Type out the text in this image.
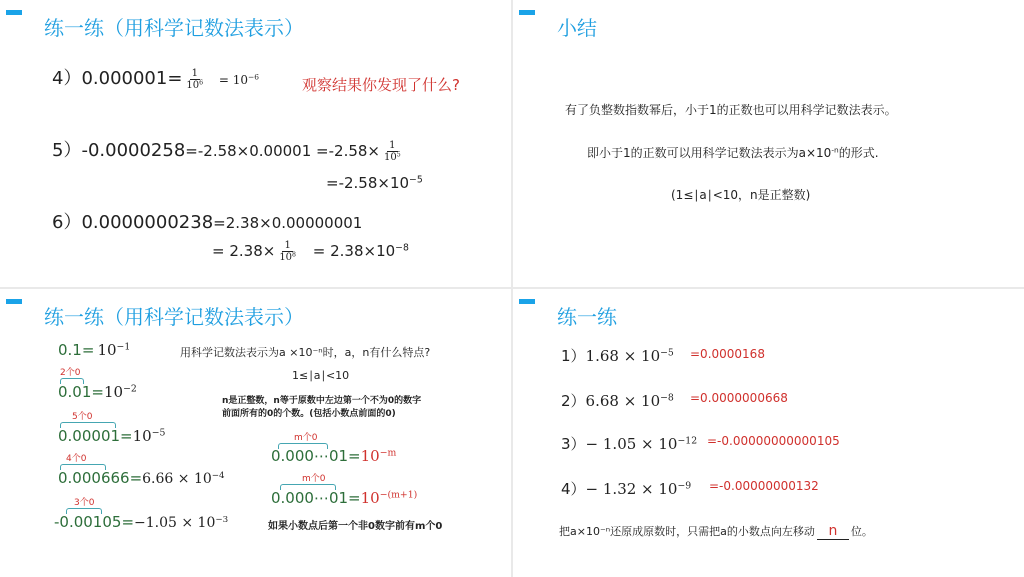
练一练（用科学记数法表示）
$4)0.000001= \frac{1}{10^6} = 10^{-6}$	观察结果你发现了什么?
$5)-0.0000258=-2.58\times 0.00001 =-2.58\times \frac{1}{10^5}$
$=-2.58\times 10^{-5}$
6）0.0000000238=2.38×0.00000001
= $2.38\times \frac{1}{10^8} = 2.38\times 10^{-8}$
小结
有了负整数指数幂后，小于1的正数也可以用科学记数法表示。
即小于1的正数可以用科学记数法表示为$a\times 10^{-n}$的形式.
(1≤∣a∣<10，n是正整数)
练一练（用科学记数法表示）
$0.1= 10^{-1}$
2个0
$0.01=10^{-2}$
5个0
$0.00001=10^{-5}$
4个0
$0.000666=6.66 \times 10^{-4}$
3个0
$-0.00105=-1.05 \times 10^{-3}$
用科学记数法表示为a ×10⁻ⁿ时，a，n有什么特点?
1≤∣a∣<10
n是正整数，n等于原数中左边第一个不为0的数字
前面所有的0的个数。(包括小数点前面的0)
m个0
$0.000\cdots 01=10^{-m}$
m个0
$0.000\cdots 01=10^{-(m+1)}$
如果小数点后第一个非0数字前有m个0
练一练
$1)1.68 \times 10^{-5} =0.0000168$
$2)6.68 \times 10^{-8} =0.0000000668$
$3)- 1.05 \times 10^{-12} =-0.00000000000105$
$4)- 1.32 \times 10^{-9} =-0.00000000132$
把a×10⁻ⁿ还原成原数时，只需把a的小数点向左移动 n 位。
